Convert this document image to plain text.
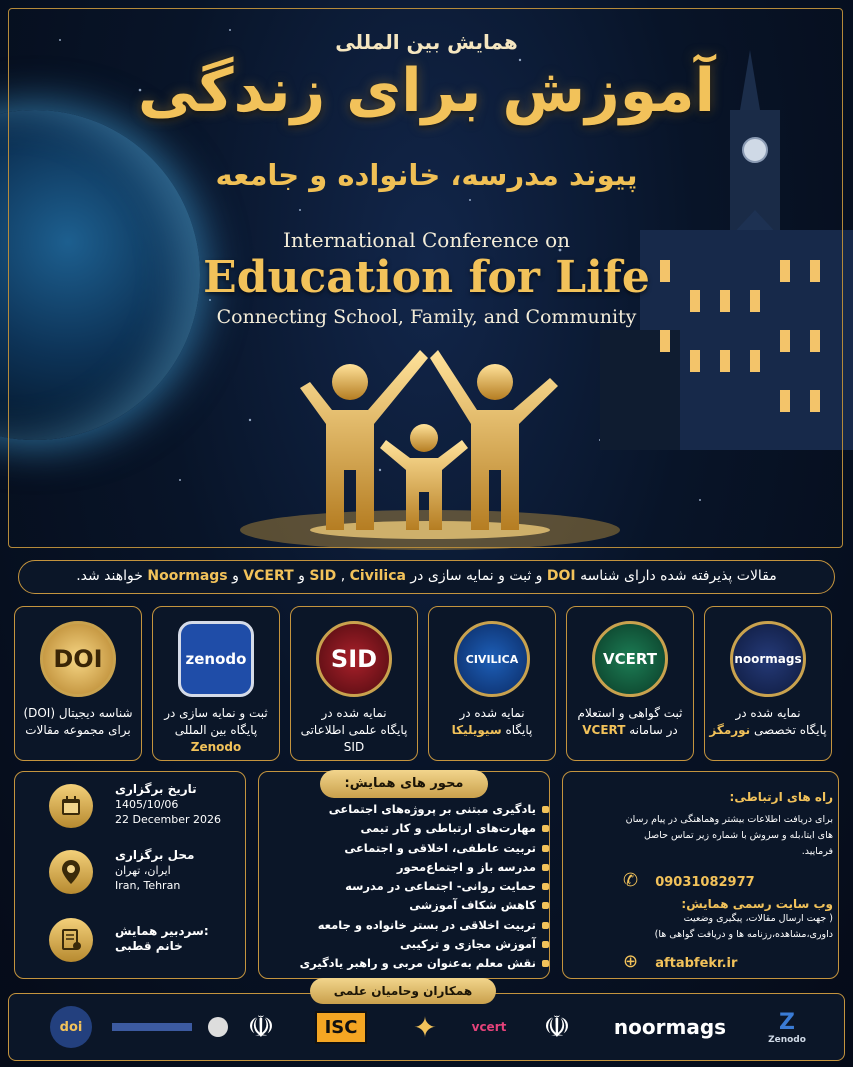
همایش بین المللی
آموزش برای زندگی
پیوند مدرسه، خانواده و جامعه
International Conference on
Education for Life
Connecting School, Family, and Community
مقالات پذیرفته شده دارای شناسه DOI و ثبت و نمایه سازی در SID , Civilica و VCERT و Noormags خواهند شد.
DOI
شناسه دیجیتال (DOI)
برای مجموعه مقالات
zenodo
ثبت و نمایه سازی در
پایگاه بین المللی Zenodo
SID
نمایه شده در
پایگاه علمی اطلاعاتی
SID
CIVILICA
نمایه شده در
پایگاه سیویلیکا
VCERT
ثبت گواهی و استعلام
در سامانه VCERT
noormags
نمایه شده در
پایگاه تخصصی نورمگز
تاریخ برگزاری
1405/10/06
22 December 2026
محل برگزاری
ایران، تهران
Iran, Tehran
سردبیر همایش:
خانم قطبی
محور های همایش:
یادگیری مبتنی بر پروژه‌های اجتماعی
مهارت‌های ارتباطی و کار تیمی
تربیت عاطفی، اخلاقی و اجتماعی
مدرسه باز و اجتماع‌محور
حمایت روانی- اجتماعی در مدرسه
کاهش شکاف آموزشی
تربیت اخلاقی در بستر خانواده و جامعه
آموزش مجازی و ترکیبی
نقش معلم به‌عنوان مربی و راهبر یادگیری
راه های ارتباطی:
برای دریافت اطلاعات بیشتر وهماهنگی در پیام رسان های ایتا،بله و سروش با شماره زیر تماس حاصل فرمایید.
✆ 09031082977
وب سایت رسمی همایش:
( جهت ارسال مقالات، پیگیری وضعیت داوری،مشاهده،رزنامه ها و دریافت گواهی ها)
⊕ aftabfekr.ir
doi	☫	ISC	✦	vcert ☫ noormags Z
Zenodo
همکاران وحامیان علمی
